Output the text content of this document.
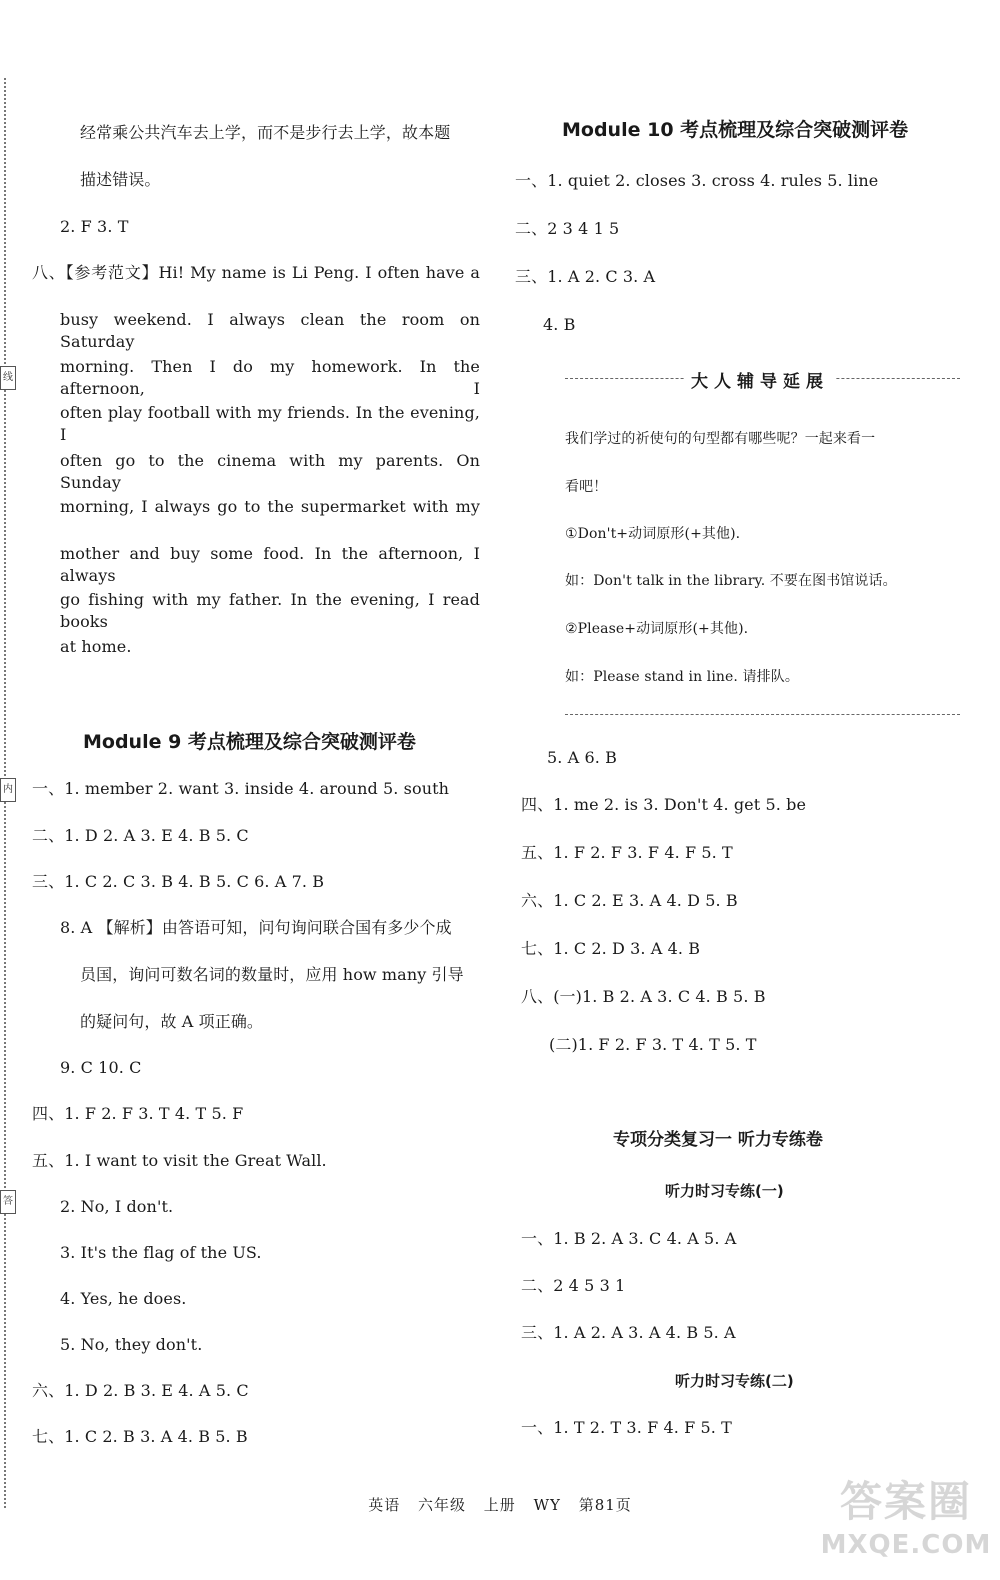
线
内
答
经常乘公共汽车去上学，而不是步行去上学，故本题
描述错误。
2. F 3. T
八、【参考范文】Hi! My name is Li Peng. I often have a
busy weekend. I always clean the room on Saturday
morning. Then I do my homework. In the afternoon, I
often play football with my friends. In the evening, I
often go to the cinema with my parents. On Sunday
morning, I always go to the supermarket with my
mother and buy some food. In the afternoon, I always
go fishing with my father. In the evening, I read books
at home.
Module 9 考点梳理及综合突破测评卷
一、1. member 2. want 3. inside 4. around 5. south
二、1. D 2. A 3. E 4. B 5. C
三、1. C 2. C 3. B 4. B 5. C 6. A 7. B
8. A 【解析】由答语可知，问句询问联合国有多少个成
员国，询问可数名词的数量时，应用 how many 引导
的疑问句，故 A 项正确。
9. C 10. C
四、1. F 2. F 3. T 4. T 5. F
五、1. I want to visit the Great Wall.
2. No, I don't.
3. It's the flag of the US.
4. Yes, he does.
5. No, they don't.
六、1. D 2. B 3. E 4. A 5. C
七、1. C 2. B 3. A 4. B 5. B
Module 10 考点梳理及综合突破测评卷
一、1. quiet 2. closes 3. cross 4. rules 5. line
二、2 3 4 1 5
三、1. A 2. C 3. A
4. B
大人辅导延展
我们学过的祈使句的句型都有哪些呢？一起来看一
看吧！
①Don't+动词原形(+其他).
如：Don't talk in the library. 不要在图书馆说话。
②Please+动词原形(+其他).
如：Please stand in line. 请排队。
5. A 6. B
四、1. me 2. is 3. Don't 4. get 5. be
五、1. F 2. F 3. F 4. F 5. T
六、1. C 2. E 3. A 4. D 5. B
七、1. C 2. D 3. A 4. B
八、(一)1. B 2. A 3. C 4. B 5. B
(二)1. F 2. F 3. T 4. T 5. T
专项分类复习一 听力专练卷
听力时习专练(一)
一、1. B 2. A 3. C 4. A 5. A
二、2 4 5 3 1
三、1. A 2. A 3. A 4. B 5. A
听力时习专练(二)
一、1. T 2. T 3. F 4. F 5. T
英语 六年级 上册 WY 第81页	答案圈
MXQE.COM
